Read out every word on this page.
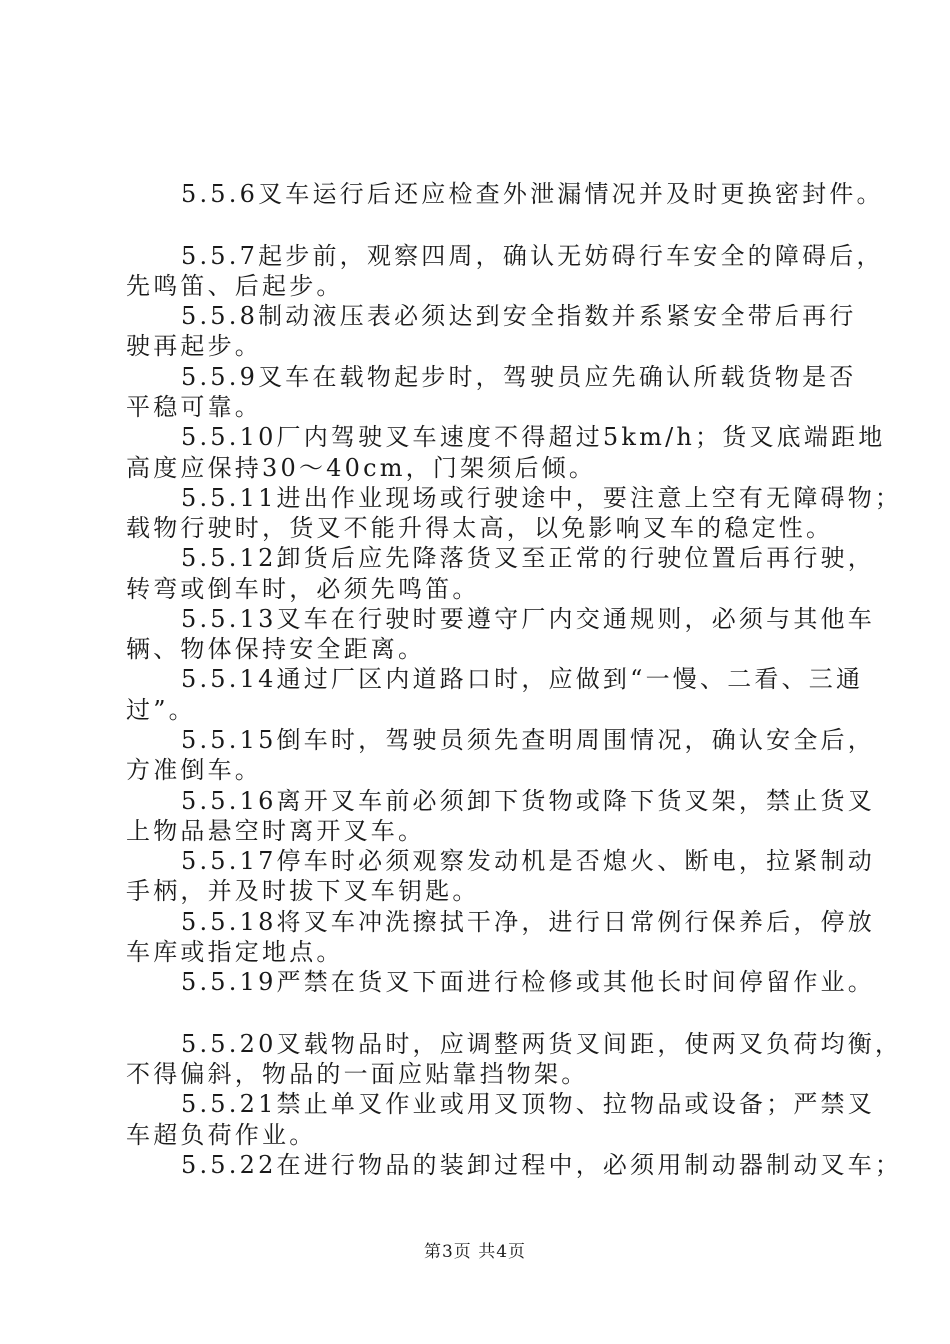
5.5.6叉车运行后还应检查外泄漏情况并及时更换密封件。
5.5.7起步前，观察四周，确认无妨碍行车安全的障碍后，
先鸣笛、后起步。
5.5.8制动液压表必须达到安全指数并系紧安全带后再行
驶再起步。
5.5.9叉车在载物起步时，驾驶员应先确认所载货物是否
平稳可靠。
5.5.10厂内驾驶叉车速度不得超过5km/h；货叉底端距地
高度应保持30～40cm，门架须后倾。
5.5.11进出作业现场或行驶途中，要注意上空有无障碍物；
载物行驶时，货叉不能升得太高，以免影响叉车的稳定性。
5.5.12卸货后应先降落货叉至正常的行驶位置后再行驶，
转弯或倒车时，必须先鸣笛。
5.5.13叉车在行驶时要遵守厂内交通规则，必须与其他车
辆、物体保持安全距离。
5.5.14通过厂区内道路口时，应做到“一慢、二看、三通
过”。
5.5.15倒车时，驾驶员须先查明周围情况，确认安全后，
方准倒车。
5.5.16离开叉车前必须卸下货物或降下货叉架，禁止货叉
上物品悬空时离开叉车。
5.5.17停车时必须观察发动机是否熄火、断电，拉紧制动
手柄，并及时拔下叉车钥匙。
5.5.18将叉车冲洗擦拭干净，进行日常例行保养后，停放
车库或指定地点。
5.5.19严禁在货叉下面进行检修或其他长时间停留作业。
5.5.20叉载物品时，应调整两货叉间距，使两叉负荷均衡，
不得偏斜，物品的一面应贴靠挡物架。
5.5.21禁止单叉作业或用叉顶物、拉物品或设备；严禁叉
车超负荷作业。
5.5.22在进行物品的装卸过程中，必须用制动器制动叉车；
第3页 共4页
